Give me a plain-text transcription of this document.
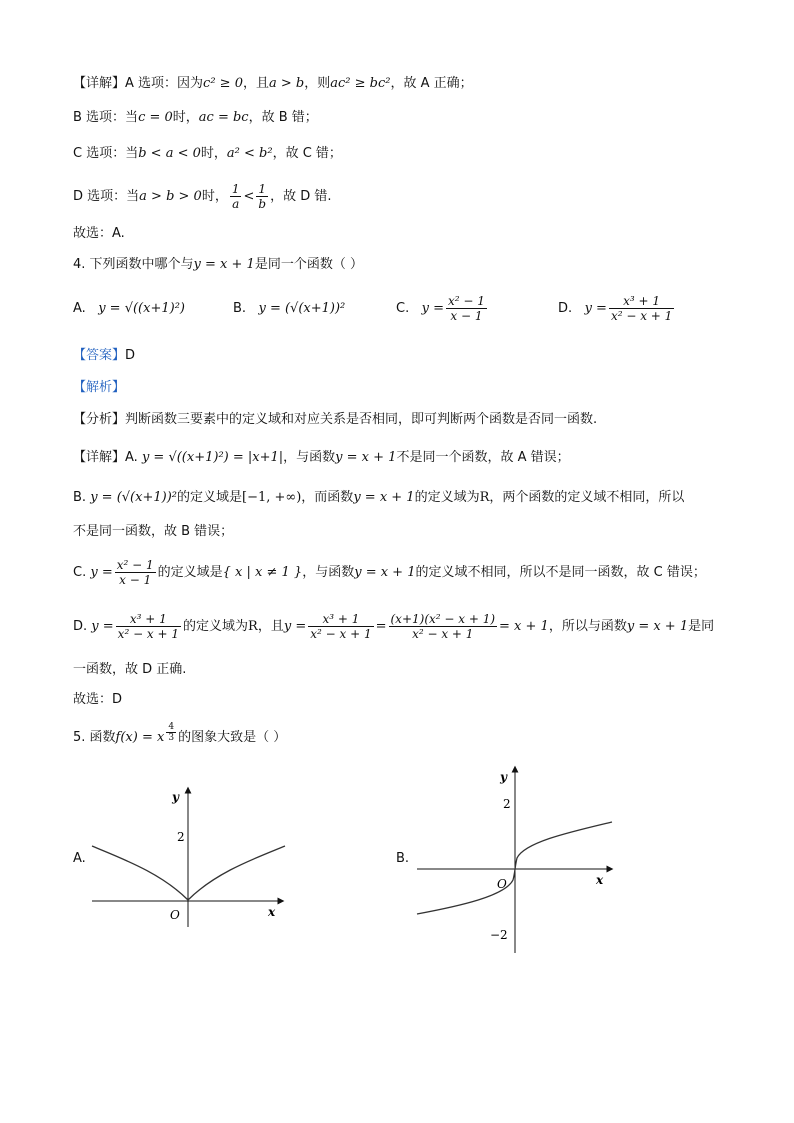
【详解】A 选项：因为c² ≥ 0，且a > b，则ac² ≥ bc²，故 A 正确；
B 选项：当c = 0时，ac = bc，故 B 错；
C 选项：当b < a < 0时，a² < b²，故 C 错；
D 选项：当a > b > 0时， $\frac{1}{a} < \frac{1}{b}$ ，故 D 错.
故选：A.
4. 下列函数中哪个与y = x + 1是同一个函数（ ）
A. y = √((x+1)²)	B. y = (√(x+1))²	C. $y = \frac{\text{x² − 1}}{x - 1}$	D. $y = \frac{\text{x³ + 1}}{\text{x² − x + 1}}$
【答案】D
【解析】
【分析】判断函数三要素中的定义域和对应关系是否相同，即可判断两个函数是否同一函数.
【详解】A. y = √((x+1)²) = |x+1|，与函数y = x + 1不是同一个函数，故 A 错误；
B. y = (√(x+1))²的定义域是[−1, +∞)，而函数y = x + 1的定义域为R，两个函数的定义域不相同，所以
不是同一函数，故 B 错误；
C. $y = \frac{\text{x² − 1}}{x - 1}$ 的定义域是{ x | x ≠ 1 }，与函数y = x + 1的定义域不相同，所以不是同一函数，故 C 错误；
D. $y = \frac{\text{x³ + 1}}{\text{x² − x + 1}}$ 的定义域为R，且$y = \frac{\text{x³ + 1}}{\text{x² − x + 1}} = \frac{\text{(x+1)(x² − x + 1)}}{\text{x² − x + 1}} = x + 1$，所以与函数y = x + 1是同
一函数，故 D 正确.
故选：D
5. 函数f(x) = x $\frac{4}{3}$ 的图象大致是（ ）
A.
y
x
O
2
y
x
O
2
−2
B.
